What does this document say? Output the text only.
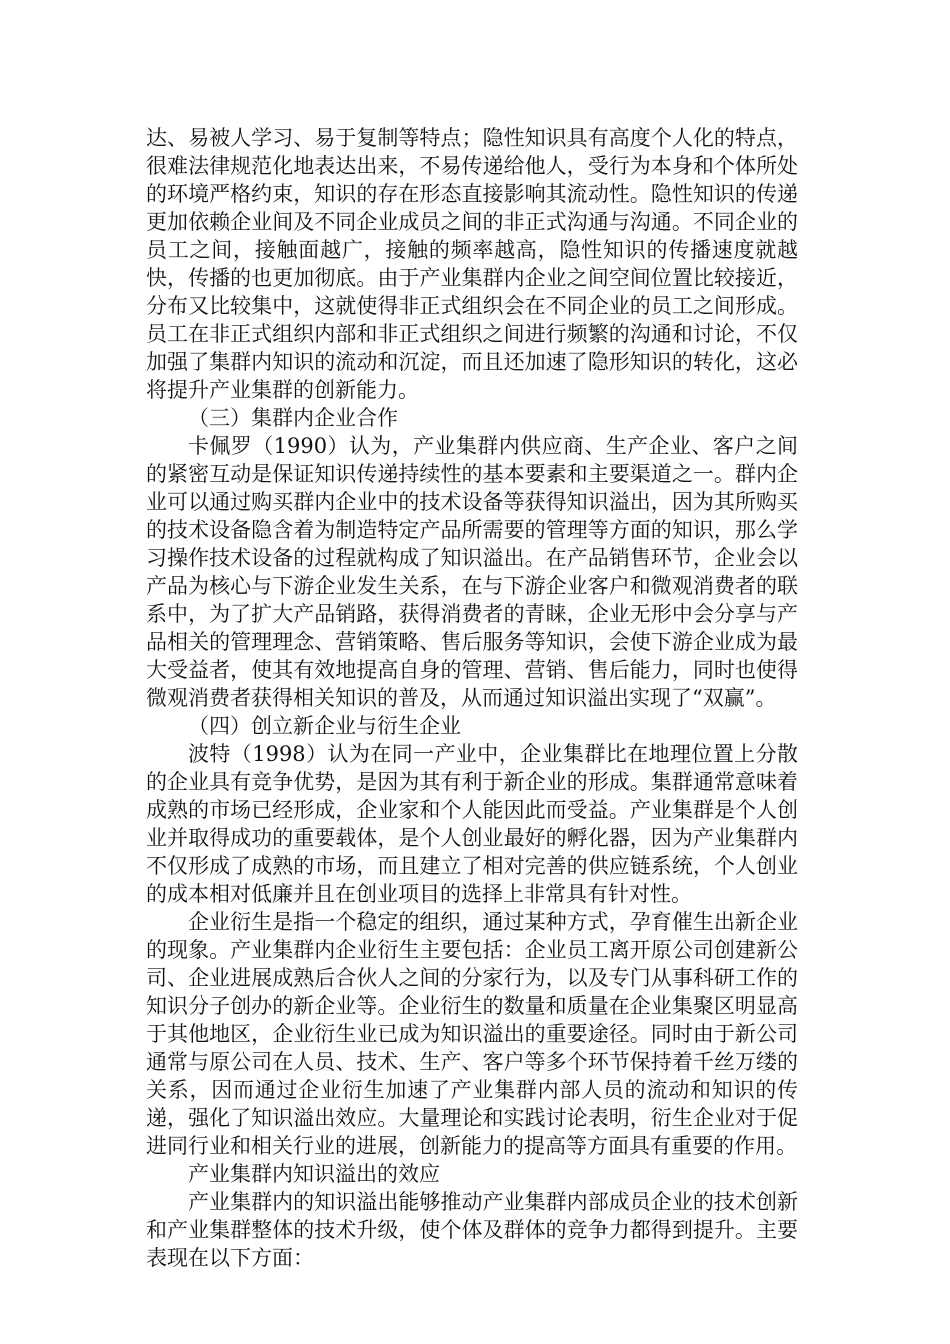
达、易被人学习、易于复制等特点；隐性知识具有高度个人化的特点，很难法律规范化地表达出来，不易传递给他人，受行为本身和个体所处的环境严格约束，知识的存在形态直接影响其流动性。隐性知识的传递更加依赖企业间及不同企业成员之间的非正式沟通与沟通。不同企业的员工之间，接触面越广，接触的频率越高，隐性知识的传播速度就越快，传播的也更加彻底。由于产业集群内企业之间空间位置比较接近，分布又比较集中，这就使得非正式组织会在不同企业的员工之间形成。员工在非正式组织内部和非正式组织之间进行频繁的沟通和讨论，不仅加强了集群内知识的流动和沉淀，而且还加速了隐形知识的转化，这必将提升产业集群的创新能力。

（三）集群内企业合作

卡佩罗（1990）认为，产业集群内供应商、生产企业、客户之间的紧密互动是保证知识传递持续性的基本要素和主要渠道之一。群内企业可以通过购买群内企业中的技术设备等获得知识溢出，因为其所购买的技术设备隐含着为制造特定产品所需要的管理等方面的知识，那么学习操作技术设备的过程就构成了知识溢出。在产品销售环节，企业会以产品为核心与下游企业发生关系，在与下游企业客户和微观消费者的联系中，为了扩大产品销路，获得消费者的青睐，企业无形中会分享与产品相关的管理理念、营销策略、售后服务等知识，会使下游企业成为最大受益者，使其有效地提高自身的管理、营销、售后能力，同时也使得微观消费者获得相关知识的普及，从而通过知识溢出实现了“双赢”。

（四）创立新企业与衍生企业

波特（1998）认为在同一产业中，企业集群比在地理位置上分散的企业具有竞争优势，是因为其有利于新企业的形成。集群通常意味着成熟的市场已经形成，企业家和个人能因此而受益。产业集群是个人创业并取得成功的重要载体，是个人创业最好的孵化器，因为产业集群内不仅形成了成熟的市场，而且建立了相对完善的供应链系统，个人创业的成本相对低廉并且在创业项目的选择上非常具有针对性。

企业衍生是指一个稳定的组织，通过某种方式，孕育催生出新企业的现象。产业集群内企业衍生主要包括：企业员工离开原公司创建新公司、企业进展成熟后合伙人之间的分家行为，以及专门从事科研工作的知识分子创办的新企业等。企业衍生的数量和质量在企业集聚区明显高于其他地区，企业衍生业已成为知识溢出的重要途径。同时由于新公司通常与原公司在人员、技术、生产、客户等多个环节保持着千丝万缕的关系，因而通过企业衍生加速了产业集群内部人员的流动和知识的传递，强化了知识溢出效应。大量理论和实践讨论表明，衍生企业对于促进同行业和相关行业的进展，创新能力的提高等方面具有重要的作用。

产业集群内知识溢出的效应

产业集群内的知识溢出能够推动产业集群内部成员企业的技术创新和产业集群整体的技术升级，使个体及群体的竞争力都得到提升。主要表现在以下方面：
